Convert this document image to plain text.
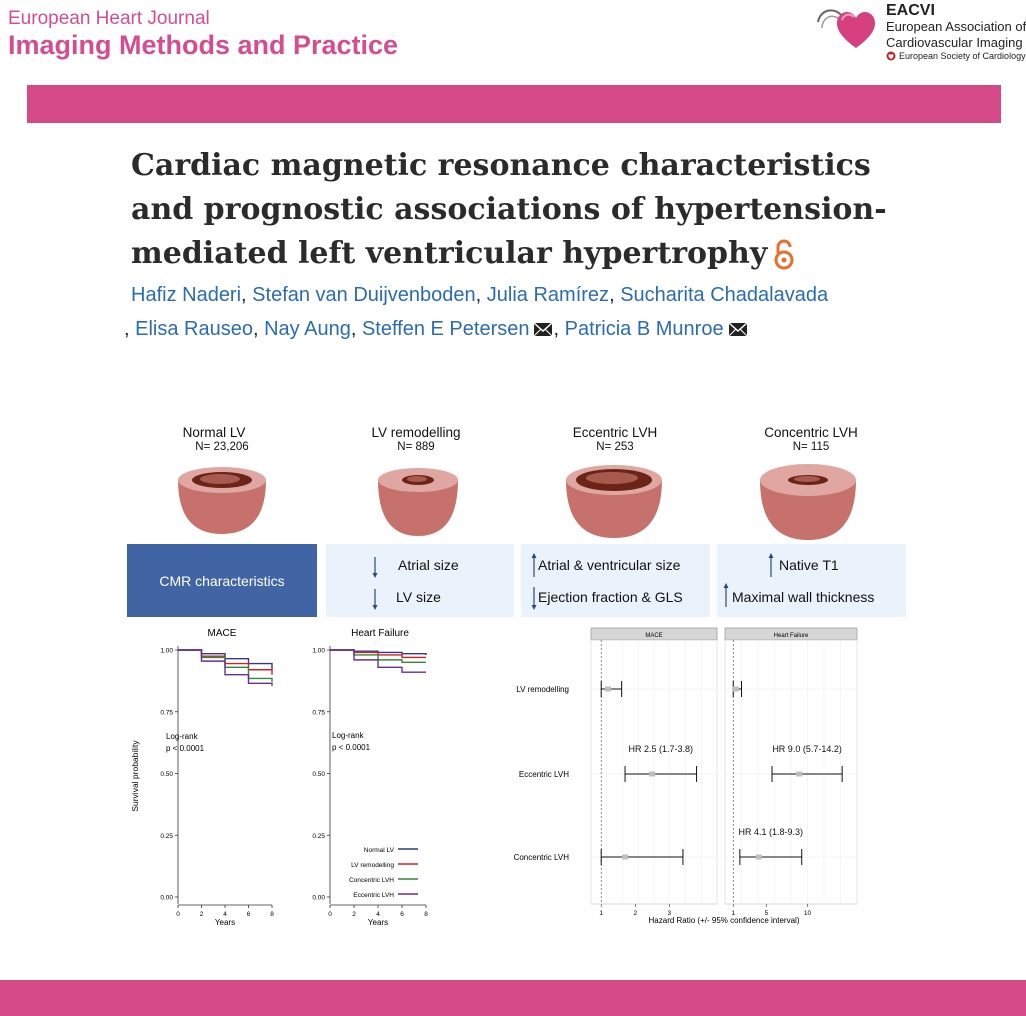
European Heart Journal
Imaging Methods and Practice
EACVI
European Association of
Cardiovascular Imaging
European Society of Cardiology
Cardiac magnetic resonance characteristics and prognostic associations of hypertension-mediated left ventricular hypertrophy
Hafiz Naderi, Stefan van Duijvenboden, Julia Ramírez, Sucharita Chadalavada
, Elisa Rauseo, Nay Aung, Steffen E Petersen , Patricia B Munroe
Normal LV
N= 23,206
LV remodelling
N= 889
Eccentric LVH
N= 253
Concentric LVH
N= 115
CMR characteristics
Atrial size
LV size
Atrial & ventricular size
Ejection fraction & GLS
Native T1
Maximal wall thickness
MACE
0.00
0.25
0.50
0.75
1.00
0	2	4	6	8
Survival probability
Log-rank
p < 0.0001
Years
Heart Failure
0.00
0.25
0.50
0.75
1.00
0	2	4	6	8
Log-rank
p < 0.0001
Years
Normal LV
LV remodelling
Concentric LVH
Eccentric LVH
MACE
1	2	3
Heart Failure
1	5	10
LV remodelling
Eccentric LVH
Concentric LVH
HR 2.5 (1.7-3.8)	HR 9.0 (5.7-14.2)
HR 4.1 (1.8-9.3)
Hazard Ratio (+/- 95% confidence interval)
